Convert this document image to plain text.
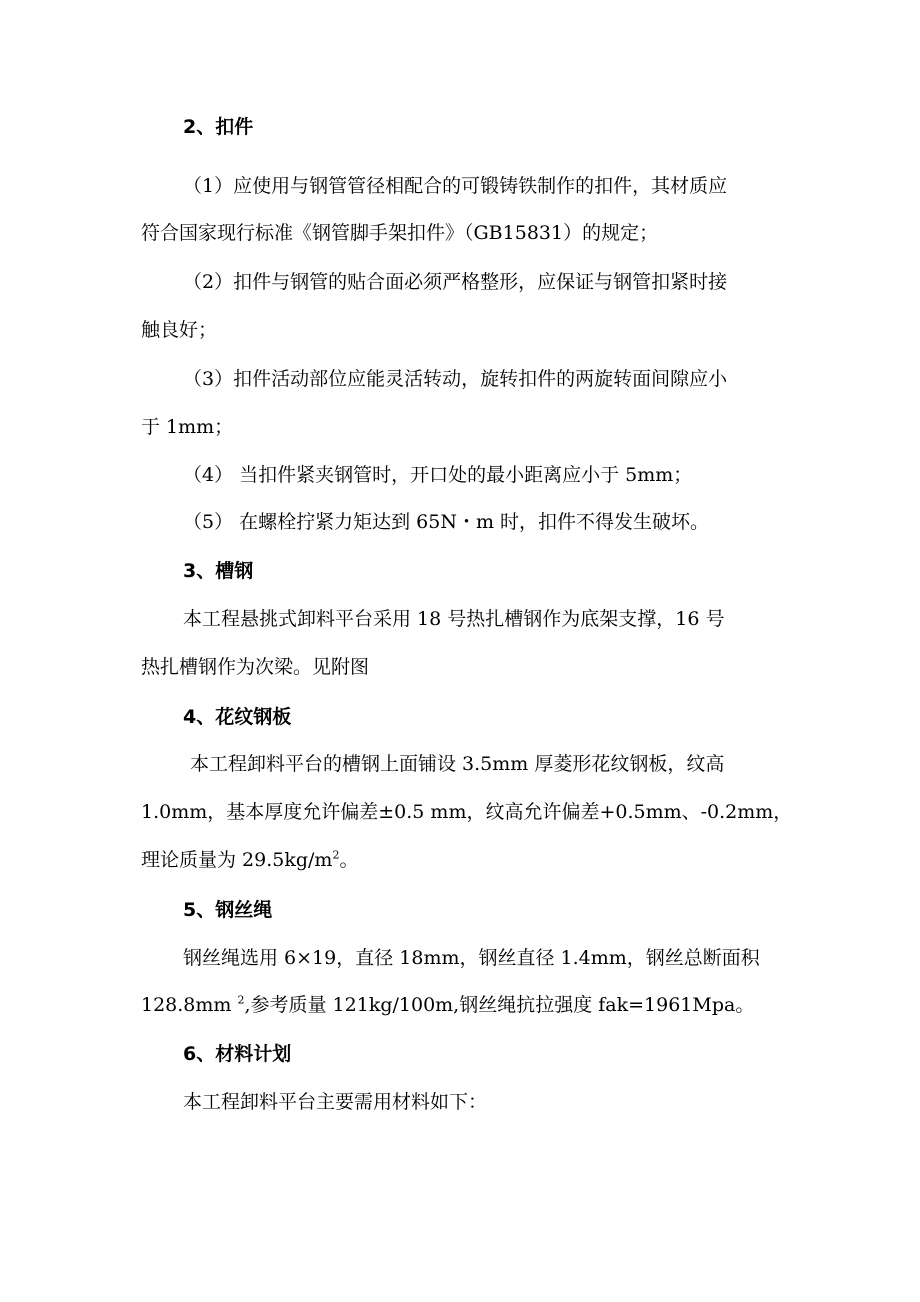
2、扣件
（1）应使用与钢管管径相配合的可锻铸铁制作的扣件，其材质应
符合国家现行标准《钢管脚手架扣件》（GB15831）的规定；
（2）扣件与钢管的贴合面必须严格整形，应保证与钢管扣紧时接
触良好；
（3）扣件活动部位应能灵活转动，旋转扣件的两旋转面间隙应小
于 1mm；
（4） 当扣件紧夹钢管时，开口处的最小距离应小于 5mm；
（5） 在螺栓拧紧力矩达到 65N・m 时，扣件不得发生破坏。
3、槽钢
本工程悬挑式卸料平台采用 18 号热扎槽钢作为底架支撑，16 号
热扎槽钢作为次梁。见附图
4、花纹钢板
本工程卸料平台的槽钢上面铺设 3.5mm 厚菱形花纹钢板，纹高
1.0mm，基本厚度允许偏差±0.5 mm，纹高允许偏差+0.5mm、-0.2mm，
理论质量为 $29.5kg/m^2$。
5、钢丝绳
钢丝绳选用 6×19，直径 18mm，钢丝直径 1.4mm，钢丝总断面积
128.8mm $^2$,参考质量 121kg/100m,钢丝绳抗拉强度 fak=1961Mpa。
6、材料计划
本工程卸料平台主要需用材料如下：
